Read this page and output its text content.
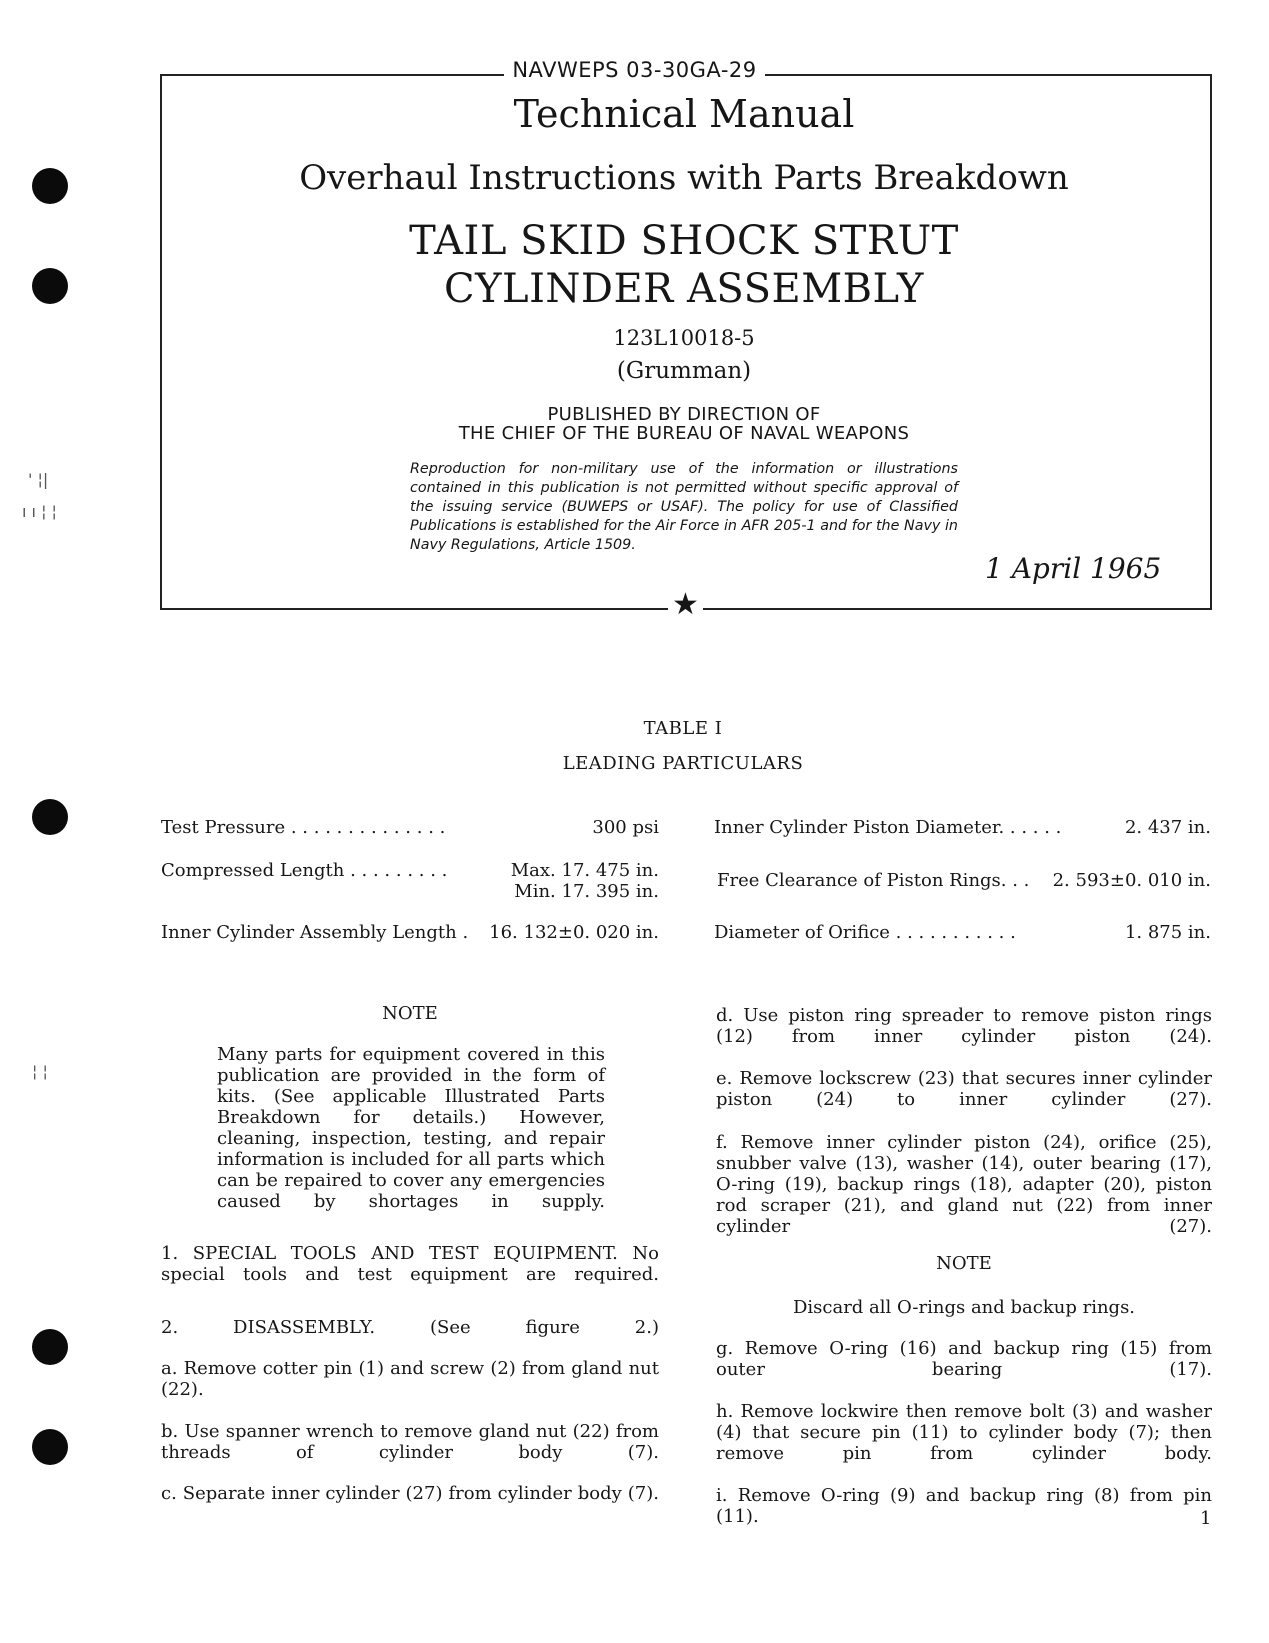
' ¦|
ı ı ¦ ¦
¦ ¦
NAVWEPS 03-30GA-29
Technical Manual
Overhaul Instructions with Parts Breakdown
TAIL SKID SHOCK STRUT
CYLINDER ASSEMBLY
123L10018-5
(Grumman)
PUBLISHED BY DIRECTION OF
THE CHIEF OF THE BUREAU OF NAVAL WEAPONS
Reproduction for non-military use of the information or illustrations contained in this publication is not permitted without specific approval of the issuing service (BUWEPS or USAF). The policy for use of Classified Publications is established for the Air Force in AFR 205-1 and for the Navy in Navy Regulations, Article 1509.
1 April 1965
★
TABLE I
LEADING PARTICULARS
Test Pressure . . . . . . . . . . . . . .	300 psi
Compressed Length . . . . . . . . .	Max. 17. 475 in.
Min. 17. 395 in.
Inner Cylinder Assembly Length . 16. 132±0. 020 in.
Inner Cylinder Piston Diameter. . . . . .	2. 437 in.
Free Clearance of Piston Rings. . . 2. 593±0. 010 in.
Diameter of Orifice . . . . . . . . . . .	1. 875 in.
NOTE
Many parts for equipment covered in this publication are provided in the form of kits. (See applicable Illustrated Parts Breakdown for details.) However, cleaning, inspection, testing, and repair information is included for all parts which can be repaired to cover any emergencies caused by shortages in supply.
1. SPECIAL TOOLS AND TEST EQUIPMENT. No special tools and test equipment are required.
2. DISASSEMBLY. (See figure 2.)
a. Remove cotter pin (1) and screw (2) from gland nut (22).
b. Use spanner wrench to remove gland nut (22) from threads of cylinder body (7).
c. Separate inner cylinder (27) from cylinder body (7).
d. Use piston ring spreader to remove piston rings (12) from inner cylinder piston (24).
e. Remove lockscrew (23) that secures inner cylinder piston (24) to inner cylinder (27).
f. Remove inner cylinder piston (24), orifice (25), snubber valve (13), washer (14), outer bearing (17), O-ring (19), backup rings (18), adapter (20), piston rod scraper (21), and gland nut (22) from inner cylinder (27).
NOTE
Discard all O-rings and backup rings.
g. Remove O-ring (16) and backup ring (15) from outer bearing (17).
h. Remove lockwire then remove bolt (3) and washer (4) that secure pin (11) to cylinder body (7); then remove pin from cylinder body.
i. Remove O-ring (9) and backup ring (8) from pin (11).	1
